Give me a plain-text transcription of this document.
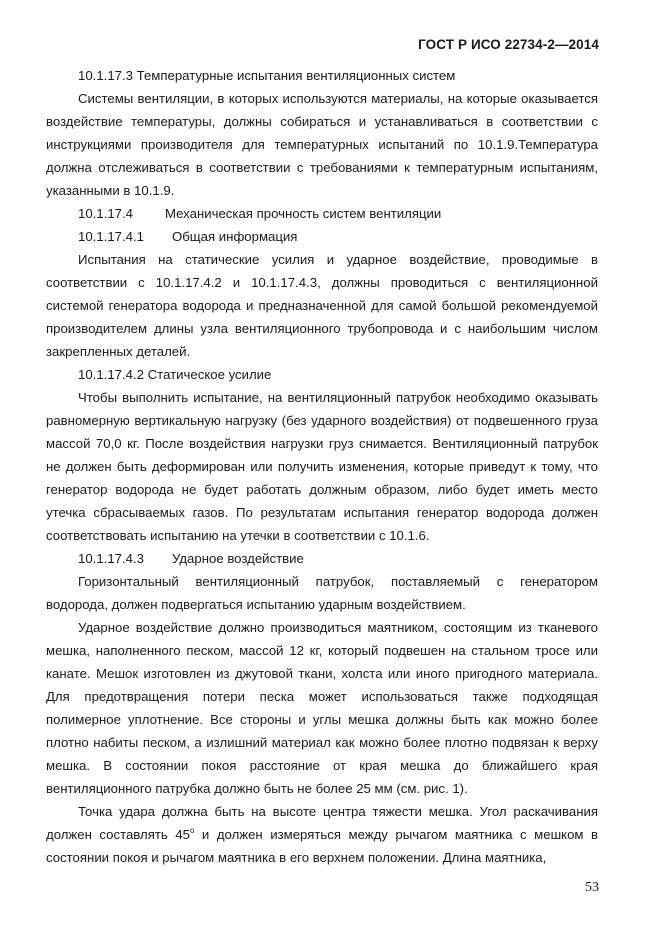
ГОСТ Р ИСО 22734-2—2014

10.1.17.3 Температурные испытания вентиляционных систем

Системы вентиляции, в которых используются материалы, на которые оказывается воздействие температуры, должны собираться и устанавливаться в соответствии с инструкциями производителя для температурных испытаний по 10.1.9.Температура должна отслеживаться в соответствии с требованиями к температурным испытаниям, указанными в 10.1.9.

10.1.17.4 Механическая прочность систем вентиляции

10.1.17.4.1 Общая информация

Испытания на статические усилия и ударное воздействие, проводимые в соответствии с 10.1.17.4.2 и 10.1.17.4.3, должны проводиться с вентиляционной системой генератора водорода и предназначенной для самой большой рекомендуемой производителем длины узла вентиляционного трубопровода и с наибольшим числом закрепленных деталей.

10.1.17.4.2 Статическое усилие

Чтобы выполнить испытание, на вентиляционный патрубок необходимо оказывать равномерную вертикальную нагрузку (без ударного воздействия) от подвешенного груза массой 70,0 кг. После воздействия нагрузки груз снимается. Вентиляционный патрубок не должен быть деформирован или получить изменения, которые приведут к тому, что генератор водорода не будет работать должным образом, либо будет иметь место утечка сбрасываемых газов. По результатам испытания генератор водорода должен соответствовать испытанию на утечки в соответствии с 10.1.6.

10.1.17.4.3 Ударное воздействие

Горизонтальный вентиляционный патрубок, поставляемый с генератором водорода, должен подвергаться испытанию ударным воздействием.

Ударное воздействие должно производиться маятником, состоящим из тканевого мешка, наполненного песком, массой 12 кг, который подвешен на стальном тросе или канате. Мешок изготовлен из джутовой ткани, холста или иного пригодного материала. Для предотвращения потери песка может использоваться также подходящая полимерное уплотнение. Все стороны и углы мешка должны быть как можно более плотно набиты песком, а излишний материал как можно более плотно подвязан к верху мешка. В состоянии покоя расстояние от края мешка до ближайшего края вентиляционного патрубка должно быть не более 25 мм (см. рис. 1).

Точка удара должна быть на высоте центра тяжести мешка. Угол раскачивания должен составлять 45$^o$ и должен измеряться между рычагом маятника с мешком в состоянии покоя и рычагом маятника в его верхнем положении. Длина маятника,

53
